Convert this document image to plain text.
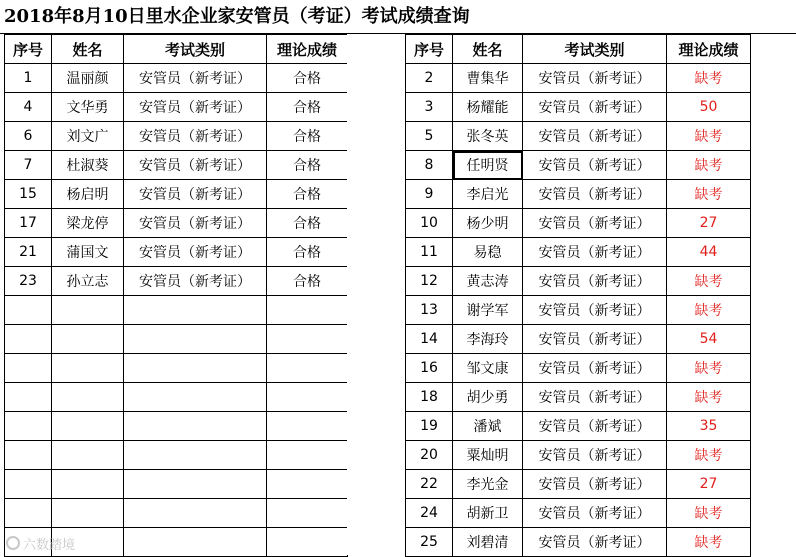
2018年8月10日里水企业家安管员（考证）考试成绩查询
序号	姓名	考试类别	理论成绩
1	温丽颜	安管员（新考证）	合格
4	文华勇	安管员（新考证）	合格
6	刘文广	安管员（新考证）	合格
7	杜淑葵	安管员（新考证）	合格
15	杨启明	安管员（新考证）	合格
17	梁龙停	安管员（新考证）	合格
21	蒲国文	安管员（新考证）	合格
23	孙立志	安管员（新考证）	合格

序号	姓名	考试类别	理论成绩
2	曹集华	安管员（新考证）	缺考
3	杨耀能	安管员（新考证）	50
5	张冬英	安管员（新考证）	缺考
8	任明贤	安管员（新考证）	缺考
9	李启光	安管员（新考证）	缺考
10	杨少明	安管员（新考证）	27
11	易稳	安管员（新考证）	44
12	黄志涛	安管员（新考证）	缺考
13	谢学军	安管员（新考证）	缺考
14	李海玲	安管员（新考证）	54
16	邹文康	安管员（新考证）	缺考
18	胡少勇	安管员（新考证）	缺考
19	潘斌	安管员（新考证）	35
20	粟灿明	安管员（新考证）	缺考
22	李光金	安管员（新考证）	27
24	胡新卫	安管员（新考证）	缺考
25	刘碧清	安管员（新考证）	缺考
六数踏境
